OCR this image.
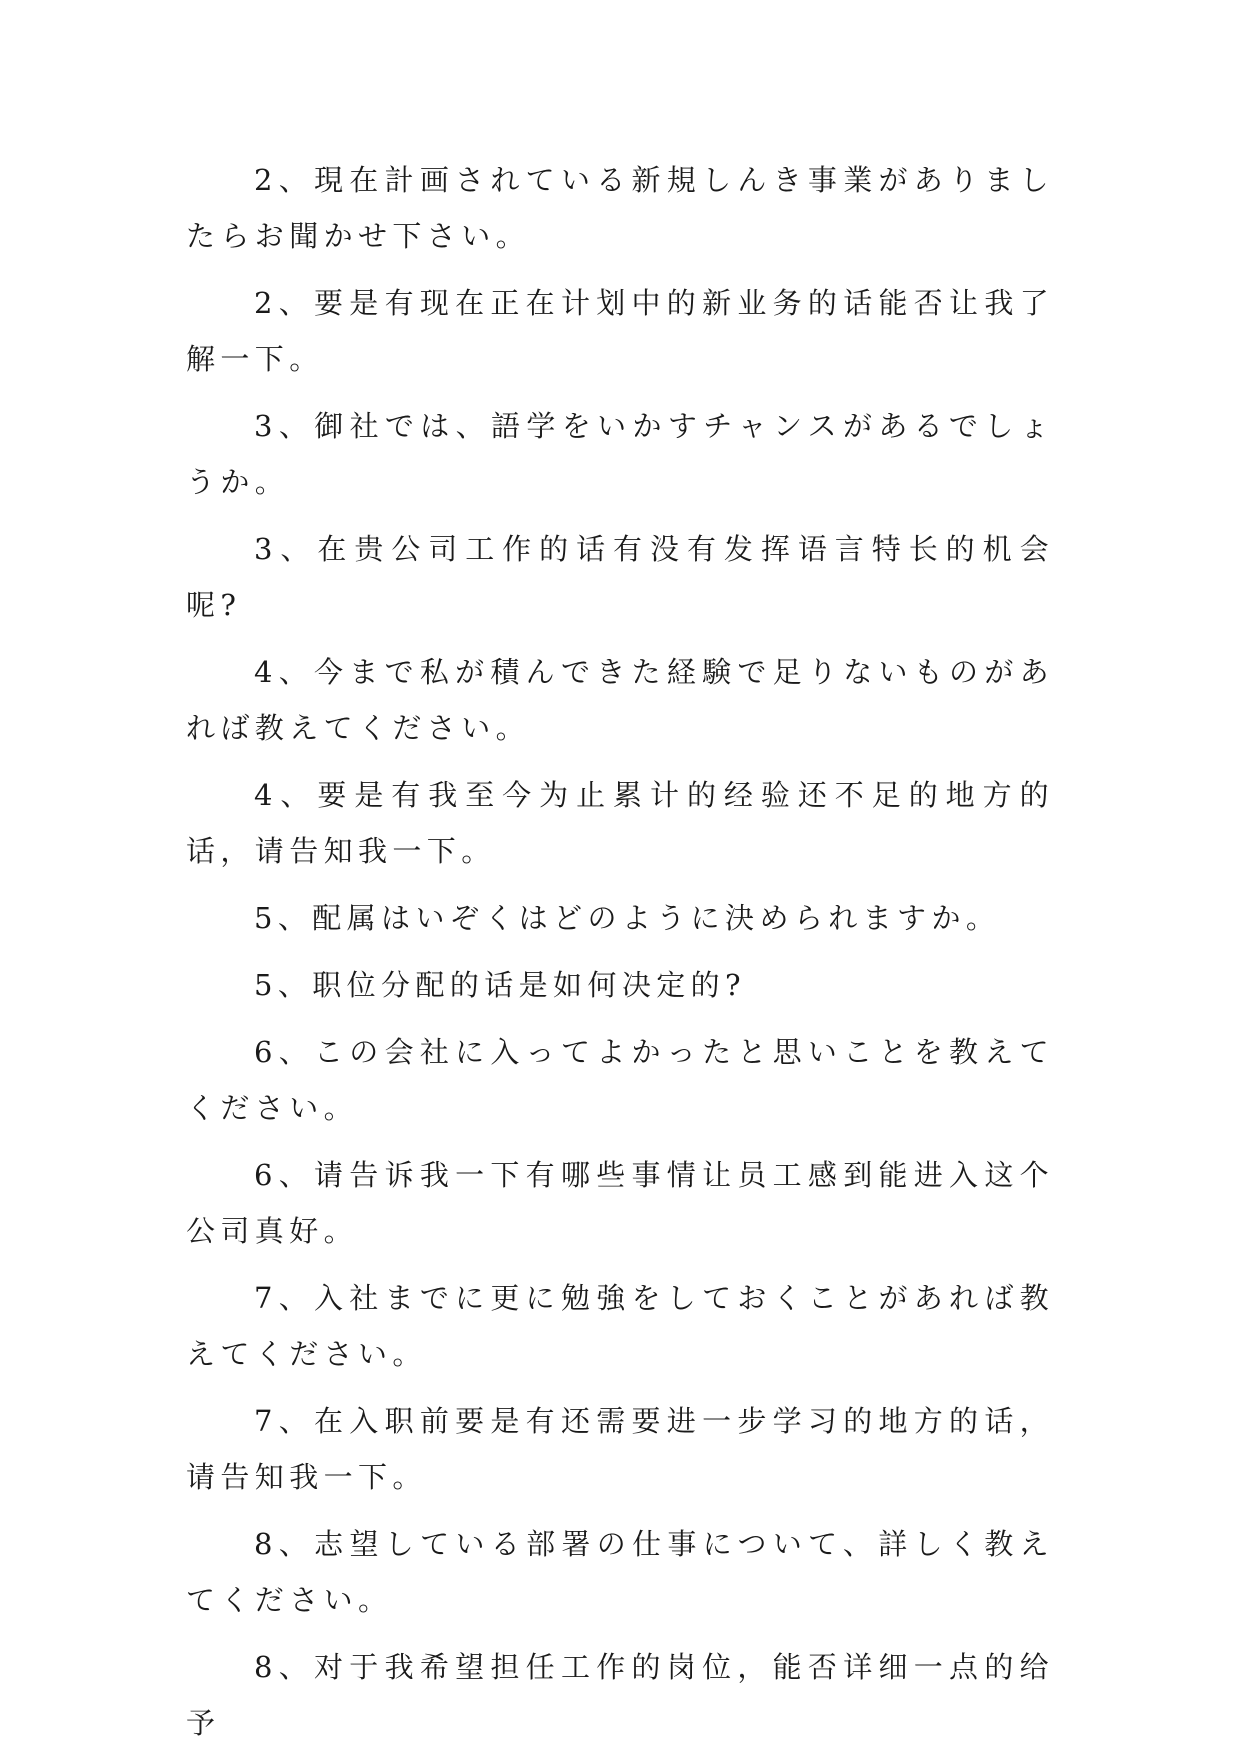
2、現在計画されている新規しんき事業がありましたらお聞かせ下さい。

2、要是有现在正在计划中的新业务的话能否让我了解一下。

3、御社では、語学をいかすチャンスがあるでしょうか。

3、在贵公司工作的话有没有发挥语言特长的机会呢?

4、今まで私が積んできた経験で足りないものがあれば教えてください。

4、要是有我至今为止累计的经验还不足的地方的话，请告知我一下。

5、配属はいぞくはどのように決められますか。

5、职位分配的话是如何决定的?

6、この会社に入ってよかったと思いことを教えてください。

6、请告诉我一下有哪些事情让员工感到能进入这个公司真好。

7、入社までに更に勉強をしておくことがあれば教えてください。

7、在入职前要是有还需要进一步学习的地方的话，请告知我一下。

8、志望している部署の仕事について、詳しく教えてください。

8、对于我希望担任工作的岗位，能否详细一点的给予
